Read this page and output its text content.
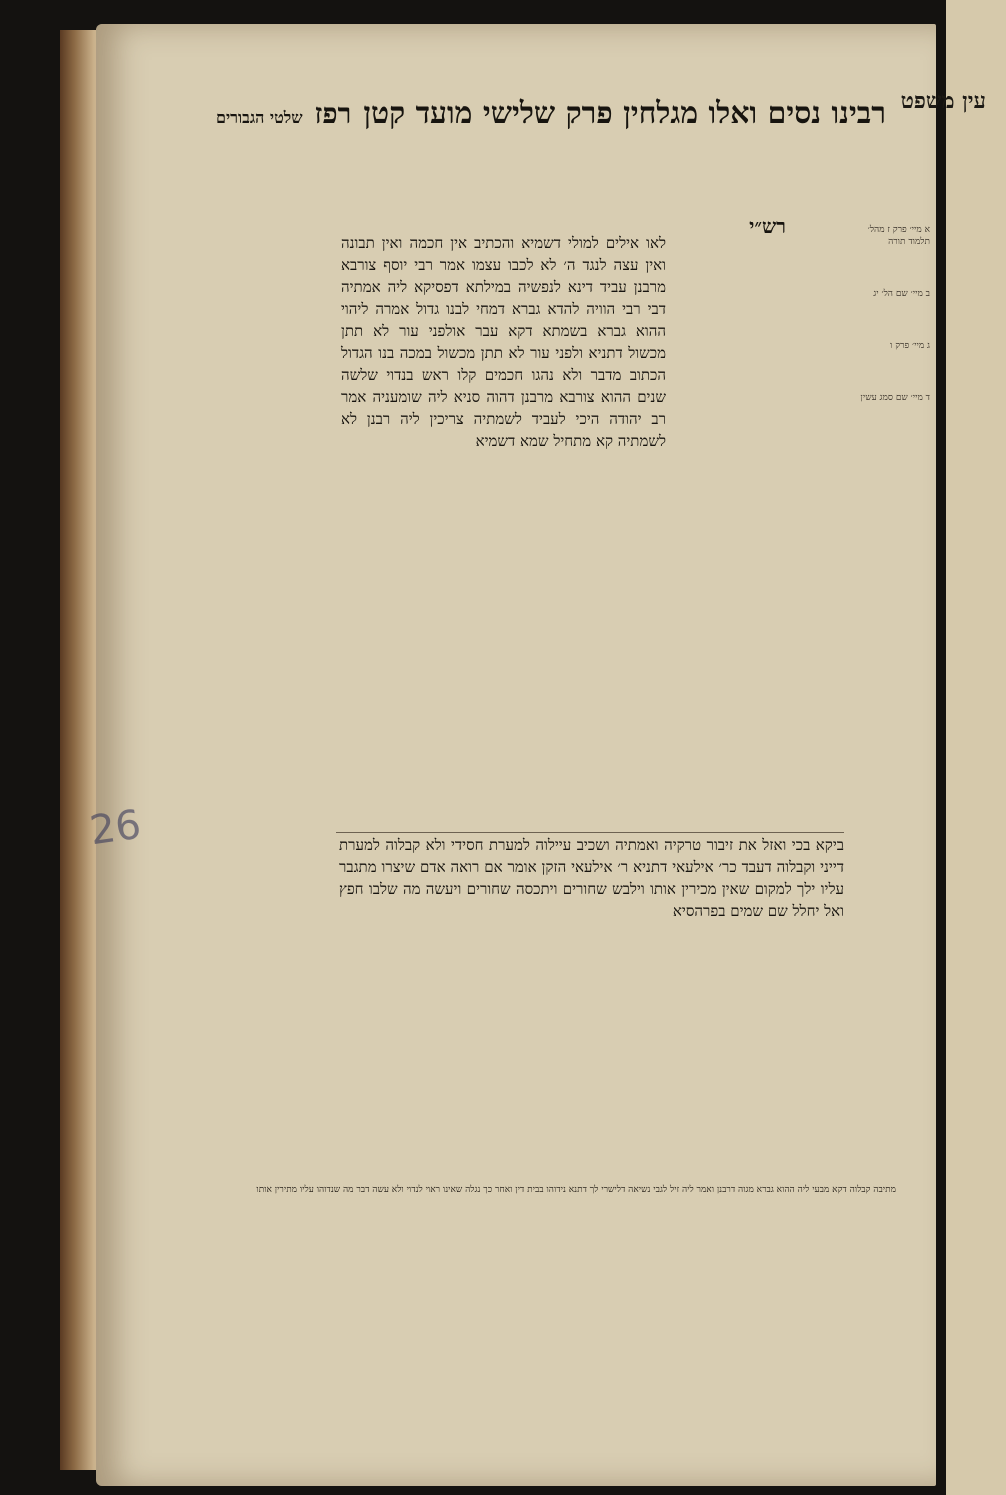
רבינו נסים ואלו מגלחין פרק שלישי מועד קטן
רפז
שלטי הגבורים
רש״י
לאו אילים למולי דשמיא והכתיב אין חכמה ואין תבונה ואין עצה לנגד ה׳ לא לכבו עצמו אמר רבי יוסף צורבא מרבנן עביד דינא לנפשיה במילתא דפסיקא ליה אמתיה דבי רבי הוויה להדא גברא דמחי לבנו גדול אמרה ליהוי ההוא גברא בשמתא דקא עבר אולפני עור לא תתן מכשול דתניא ולפני עור לא תתן מכשול במכה בנו הגדול הכתוב מדבר ולא נהגו חכמים קלו ראש בנדוי שלשה שנים ההוא צורבא מרבנן דהוה סניא ליה שומעניה אמר רב יהודה היכי לעביד לשמתיה צריכין ליה רבנן לא לשמתיה קא מתחיל שמא דשמיא
ביקא בכי ואזל את זיבור טרקיה ואמתיה ושכיב עיילוה למערת חסידי ולא קבלוה למערת דייני וקבלוה דעבד כר׳ אילעאי דתניא ר׳ אילעאי הזקן אומר אם רואה אדם שיצרו מתגבר עליו ילך למקום שאין מכירין אותו וילבש שחורים ויתכסה שחורים ויעשה מה שלבו חפץ ואל יחלל שם שמים בפרהסיא
א מיי׳ פרק ז מהל׳ תלמוד תורה
ב מיי׳ שם הל׳ יג
ג מיי׳ פרק ו
ד מיי׳ שם סמג עשין
מתיבה קבלוה דקא מבעי ליה ההוא גברא מגוה דרבנן ואמר ליה זיל לגבי נשיאה דלישרי לך דתנא נידוהו בבית דין ואחר כך נגלה שאינו ראוי לנדוי ולא עשה דבר מה שנדוהו עליו מתירין אותו
26
עין משפט
